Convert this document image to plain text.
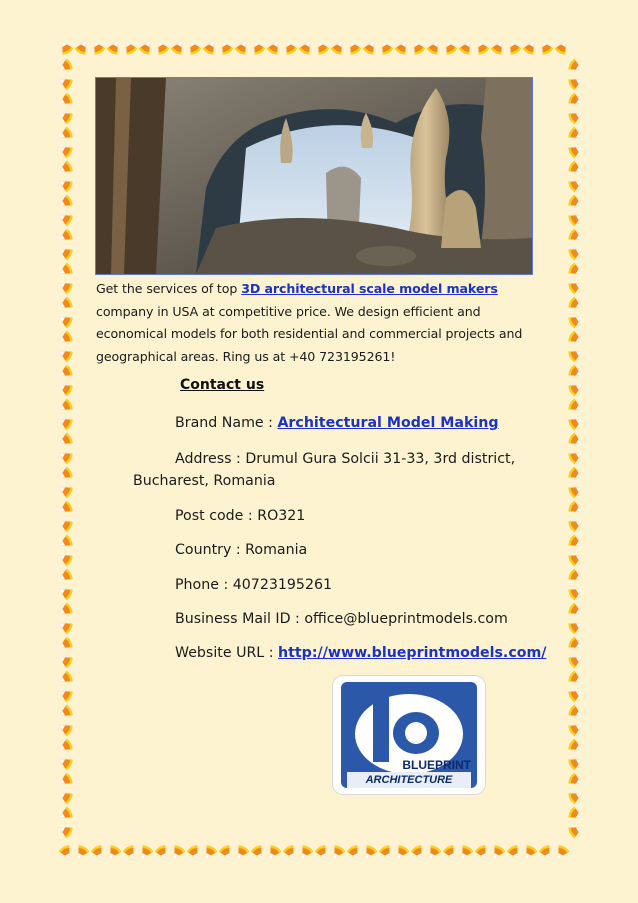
Get the services of top 3D architectural scale model makers company in USA at competitive price. We design efficient and economical models for both residential and commercial projects and geographical areas. Ring us at +40 723195261!
Contact us
Brand Name : Architectural Model Making
Address : Drumul Gura Solcii 31-33, 3rd district,
Bucharest, Romania
Post code : RO321
Country : Romania
Phone : 40723195261
Business Mail ID : office@blueprintmodels.com
Website URL : http://www.blueprintmodels.com/
BLUEPRINT
ARCHITECTURE
